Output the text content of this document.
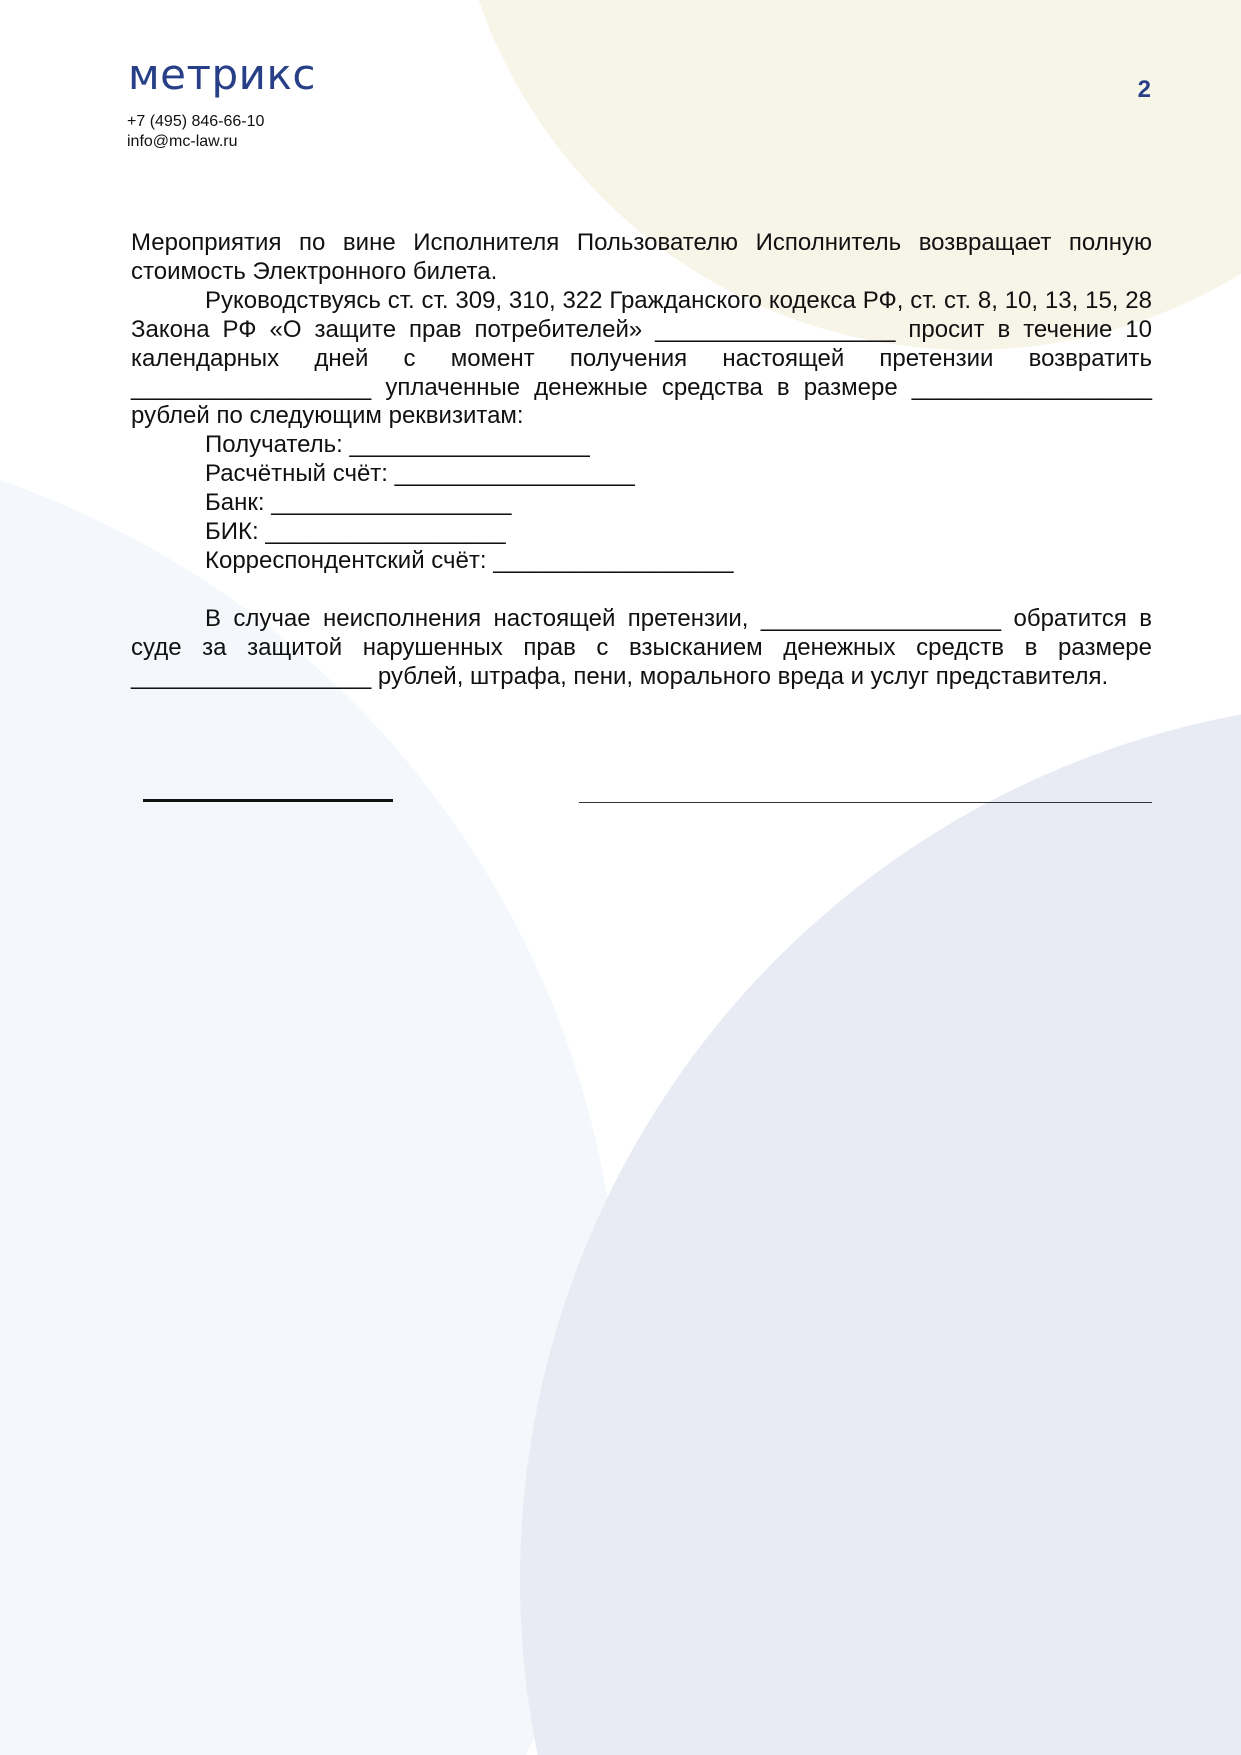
метрикс
+7 (495) 846-66-10
info@mc-law.ru
2

Мероприятия по вине Исполнителя Пользователю Исполнитель возвращает полную стоимость Электронного билета.

Руководствуясь ст. ст. 309, 310, 322 Гражданского кодекса РФ, ст. ст. 8, 10, 13, 15, 28 Закона РФ «О защите прав потребителей» __________________ просит в течение 10 календарных дней с момент получения настоящей претензии возвратить __________________ уплаченные денежные средства в размере __________________ рублей по следующим реквизитам:

Получатель: __________________

Расчётный счёт: __________________

Банк: __________________

БИК: __________________

Корреспондентский счёт: __________________

В случае неисполнения настоящей претензии, __________________ обратится в суде за защитой нарушенных прав с взысканием денежных средств в размере __________________ рублей, штрафа, пени, морального вреда и услуг представителя.
